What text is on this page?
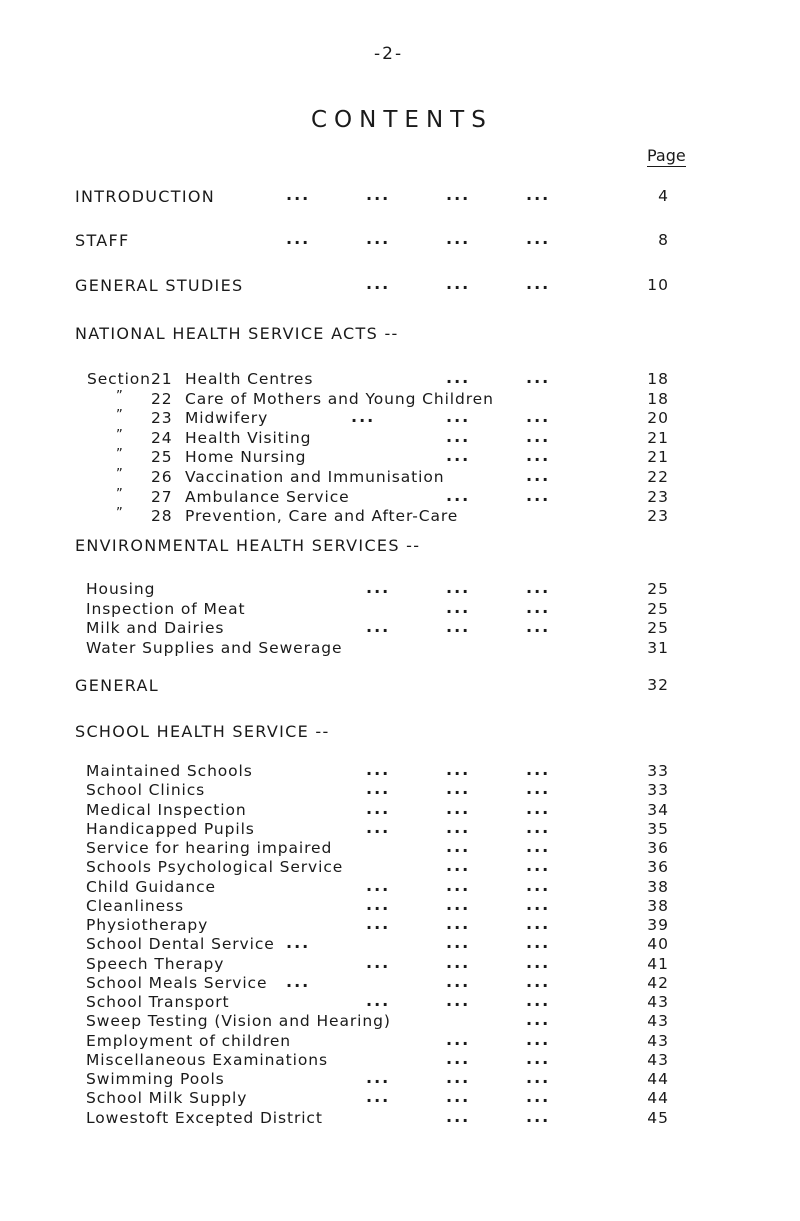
-2-
CONTENTS
Page
INTRODUCTION	...	...	...	...	4
STAFF	...	...	...	...	8
GENERAL STUDIES	...	...	...	10
NATIONAL HEALTH SERVICE ACTS --
Section 21 Health Centres	...	...	18
” 22 Care of Mothers and Young Children	18
” 23 Midwifery	...	...	...	20
” 24 Health Visiting	...	...	21
” 25 Home Nursing	...	...	21
” 26 Vaccination and Immunisation	...	22
” 27 Ambulance Service	...	...	23
” 28 Prevention, Care and After-Care	23
ENVIRONMENTAL HEALTH SERVICES --
Housing	...	...	...	25
Inspection of Meat	...	...	25
Milk and Dairies	...	...	...	25
Water Supplies and Sewerage	31
GENERAL	32
SCHOOL HEALTH SERVICE --
Maintained Schools	...	...	...	33
School Clinics	...	...	...	33
Medical Inspection	...	...	...	34
Handicapped Pupils	...	...	...	35
Service for hearing impaired	...	...	36
Schools Psychological Service	...	...	36
Child Guidance	...	...	...	38
Cleanliness	...	...	...	38
Physiotherapy	...	...	...	39
School Dental Service ...	...	...	40
Speech Therapy	...	...	...	41
School Meals Service ...	...	...	42
School Transport	...	...	...	43
Sweep Testing (Vision and Hearing)	...	43
Employment of children	...	...	43
Miscellaneous Examinations	...	...	43
Swimming Pools	...	...	...	44
School Milk Supply	...	...	...	44
Lowestoft Excepted District	...	...	45
